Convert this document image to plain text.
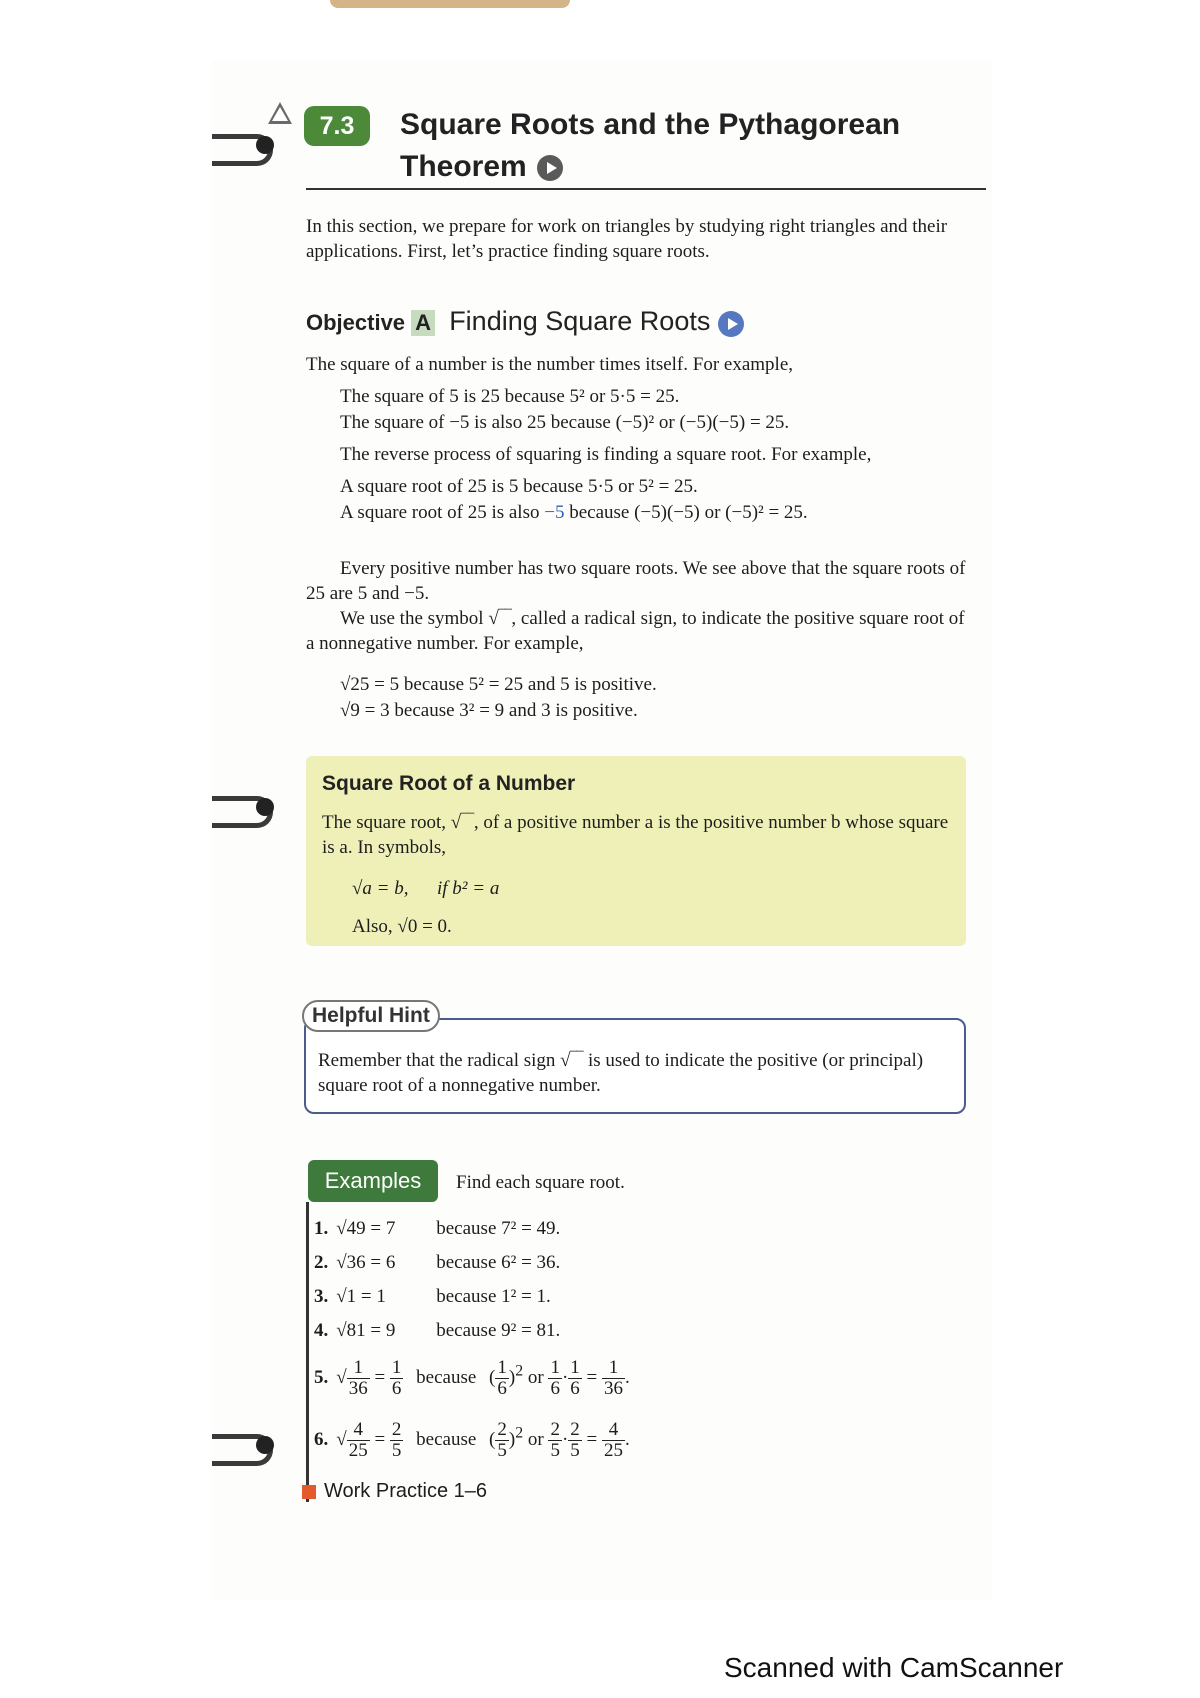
7.3	Square Roots and the Pythagorean Theorem
In this section, we prepare for work on triangles by studying right triangles and their applications. First, let’s practice finding square roots.
Objective A Finding Square Roots
The square of a number is the number times itself. For example,
The square of 5 is 25 because 5² or 5·5 = 25.
The square of −5 is also 25 because (−5)² or (−5)(−5) = 25.
The reverse process of squaring is finding a square root. For example,
A square root of 25 is 5 because 5·5 or 5² = 25.
A square root of 25 is also −5 because (−5)(−5) or (−5)² = 25.
Every positive number has two square roots. We see above that the square roots of 25 are 5 and −5.
We use the symbol √‾‾, called a radical sign, to indicate the positive square root of a nonnegative number. For example,
√25 = 5 because 5² = 25 and 5 is positive.
√9 = 3 because 3² = 9 and 3 is positive.
Square Root of a Number
The square root, √‾‾, of a positive number a is the positive number b whose square is a. In symbols,
√a = b,      if b² = a
Also, √0 = 0.
Helpful Hint
Remember that the radical sign √‾‾ is used to indicate the positive (or principal) square root of a nonnegative number.
Examples	Find each square root.
1. √49 = 7 because 7² = 49.
2. √36 = 6 because 6² = 36.
3. √1 = 1	because 1² = 1.
4. √81 = 9 because 9² = 81.
5. √ $\frac{1}{36} = \frac{1}{6}$ because ( $\frac{1}{6} )^2$ or $\frac{1}{6} \cdot \frac{1}{6} = \frac{1}{36}$ .
6. √ $\frac{4}{25} = \frac{2}{5}$ because ( $\frac{2}{5} )^2$ or $\frac{2}{5} \cdot \frac{2}{5} = \frac{4}{25}$ .
Work Practice 1–6
Scanned with CamScanner
